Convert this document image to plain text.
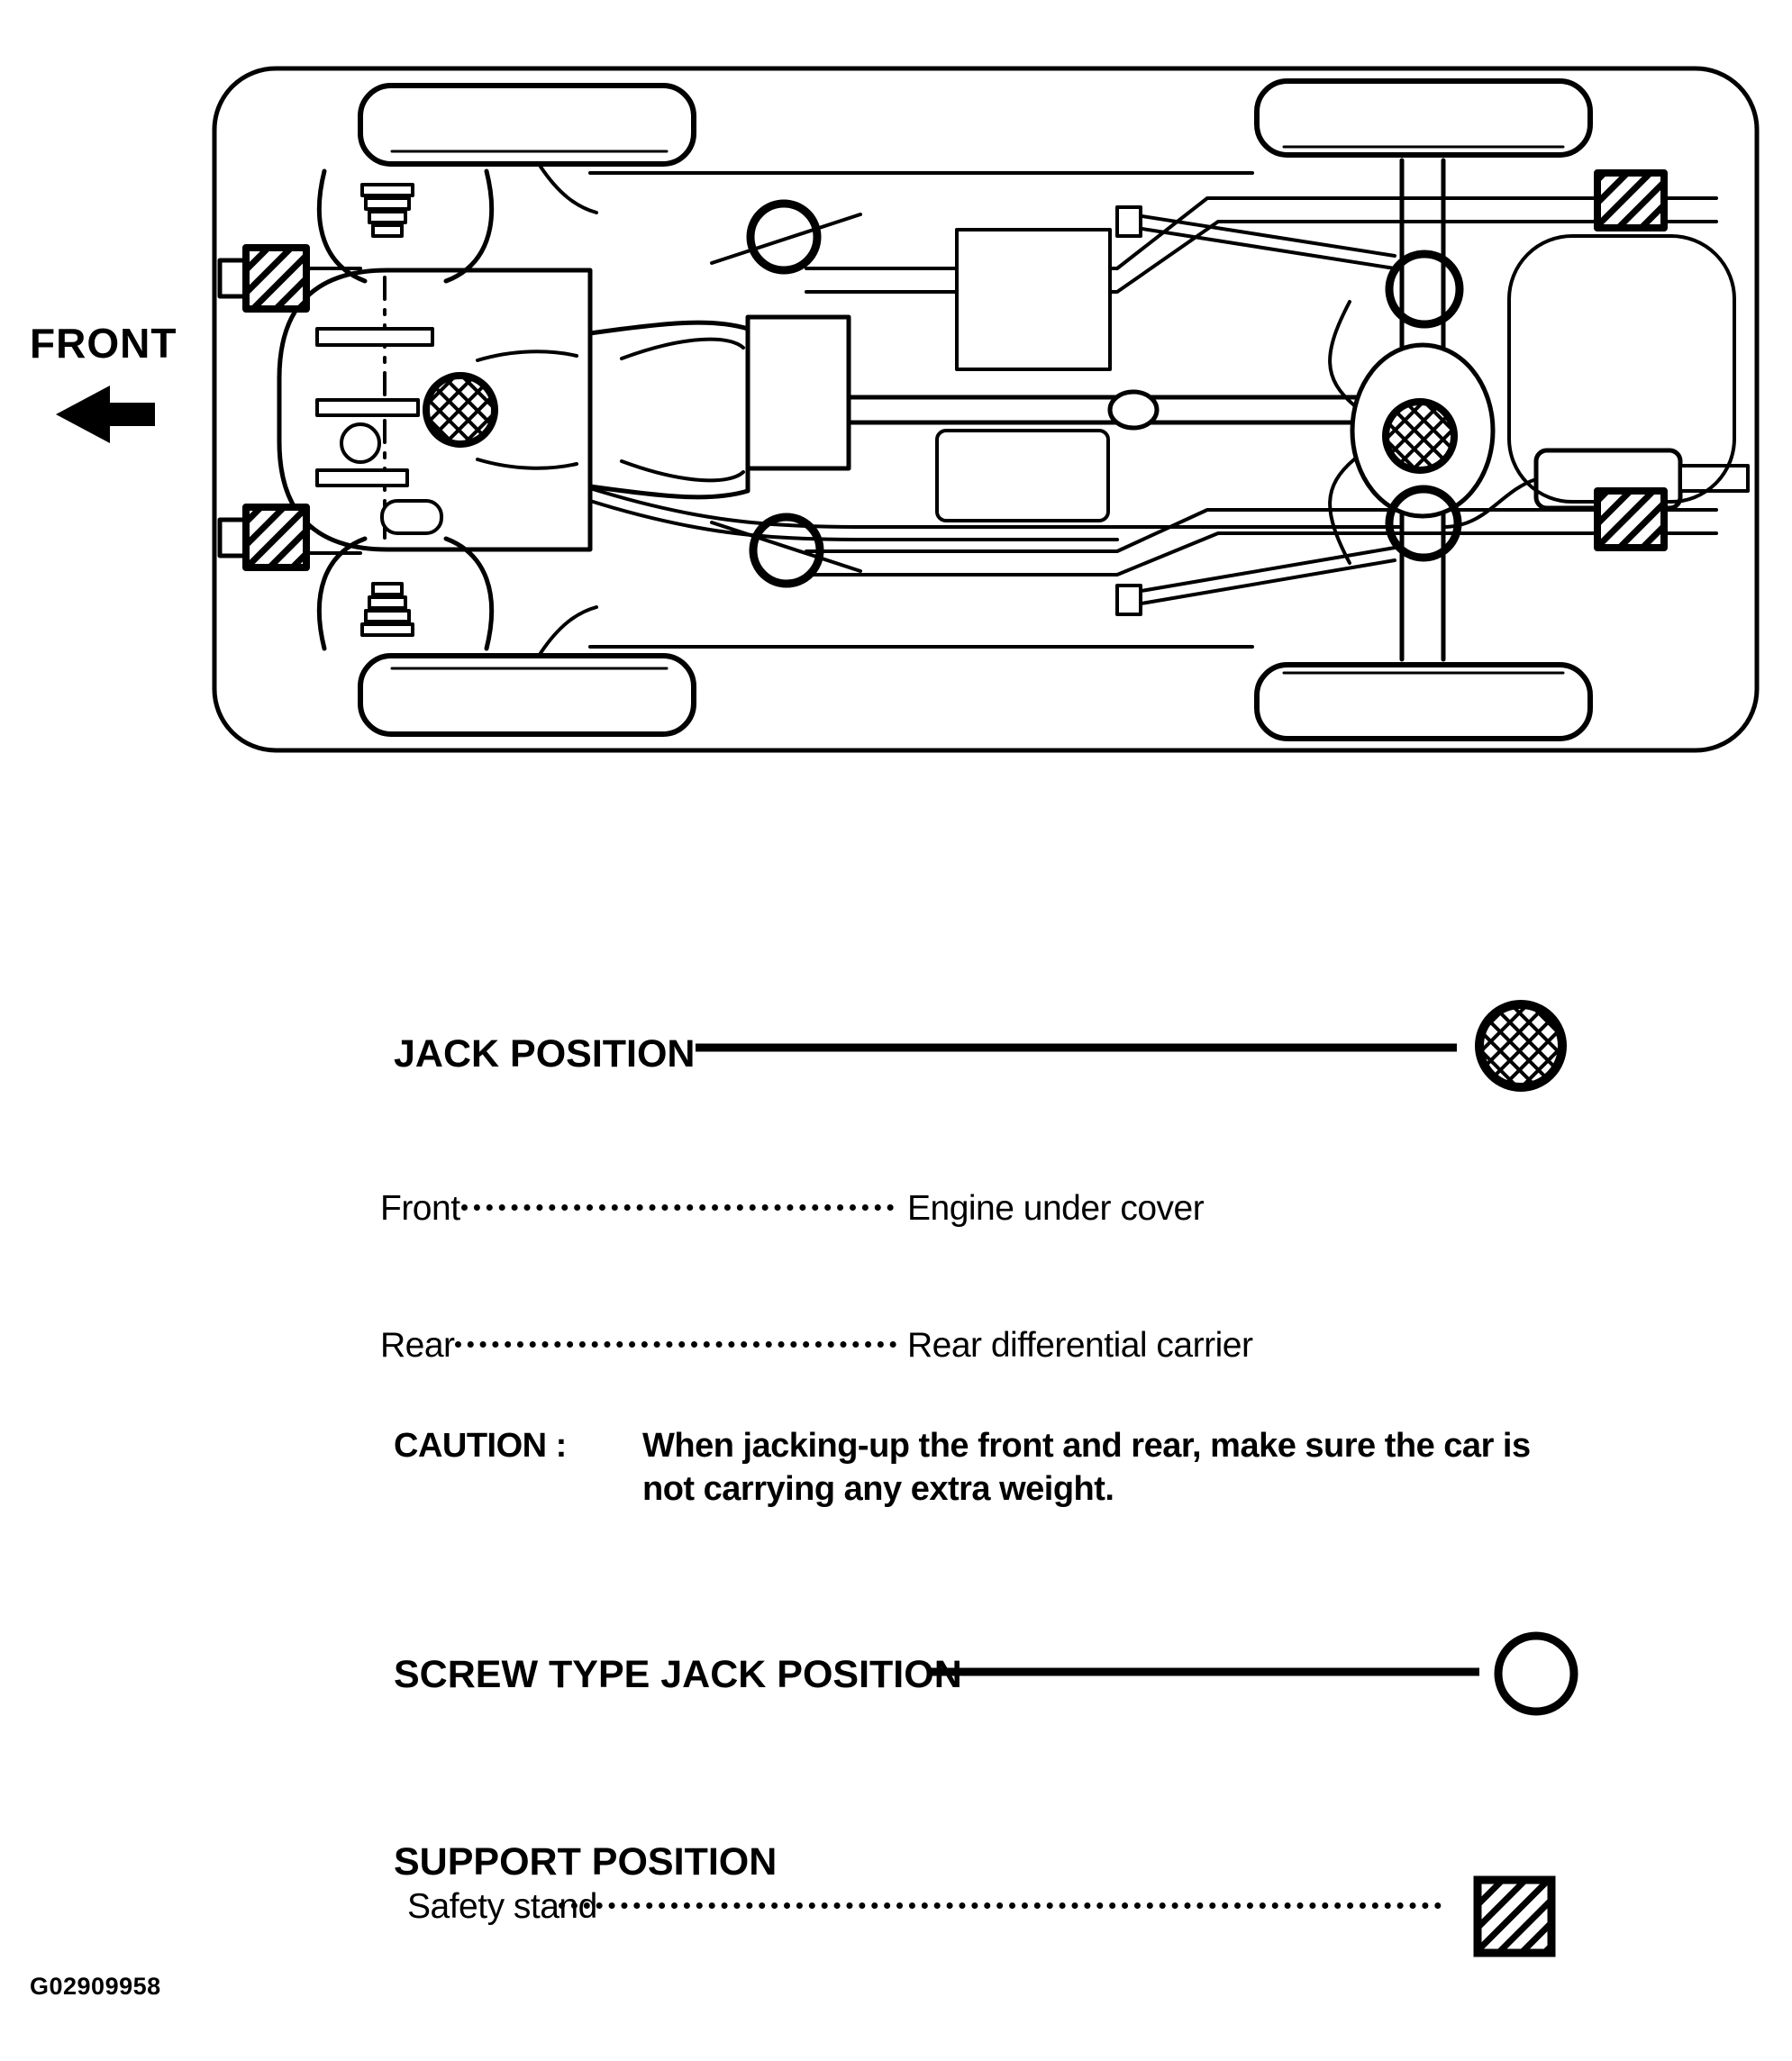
FRONT
JACK POSITION
Front	Engine under cover
Rear	Rear differential carrier
CAUTION : When jacking-up the front and rear, make sure the car is
not carrying any extra weight.
SCREW TYPE JACK POSITION
SUPPORT POSITION
Safety stand
G02909958
